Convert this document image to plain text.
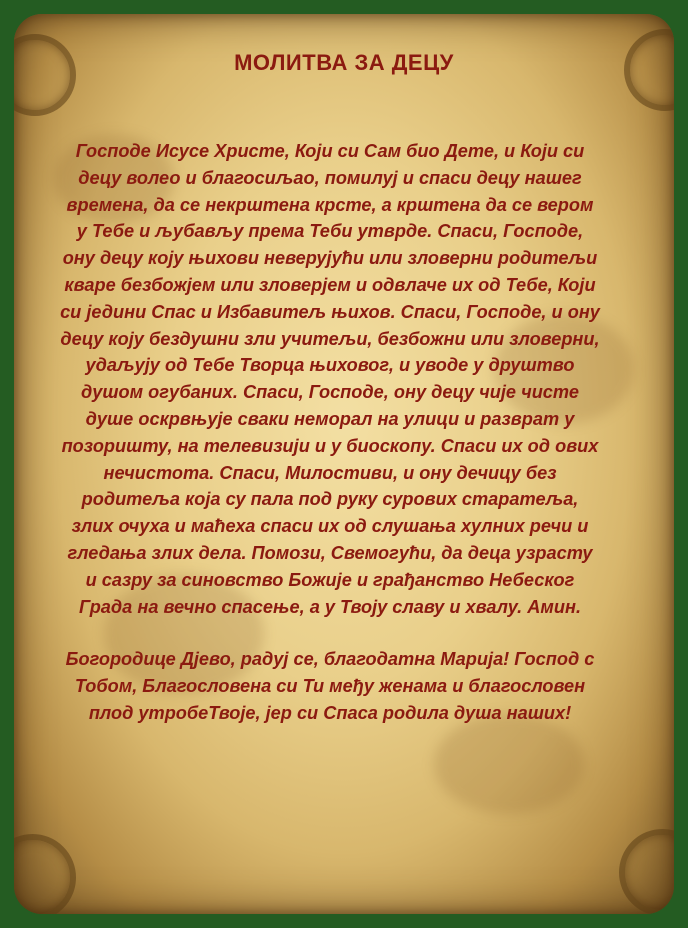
МОЛИТВА ЗА ДЕЦУ

Господе Исусе Христе, Који си Сам био Дете, и Који си децу волео и благосиљао, помилуј и спаси децу нашег времена, да се некрштена крсте, а крштена да се вером у Тебе и љубављу према Теби утврде. Спаси, Господе, ону децу коју њихови неверујући или зловерни родитељи кваре безбожјем или зловерјем и одвлаче их од Тебе, Који си једини Спас и Избавитељ њихов. Спаси, Господе, и ону децу коју бездушни зли учитељи, безбожни или зловерни, удаљују од Тебе Творца њиховог, и уводе у друштво душом огубаних. Спаси, Господе, ону децу чије чисте душе оскрвњује сваки неморал на улици и разврат у позоришту, на телевизији и у биоскопу. Спаси их од ових нечистота. Спаси, Милостиви, и ону дечицу без родитеља која су пала под руку сурових старатеља, злих очуха и маћеха спаси их од слушања хулних речи и гледања злих дела. Помози, Свемогући, да деца узрасту и сазру за синовство Божије и грађанство Небеског Града на вечно спасење, а у Твоју славу и хвалу. Амин.

Богородице Дјево, радуј се, благодатна Марија! Господ с Тобом, Благословена си Ти међу женама и благословен плод утробеТвоје, јер си Спаса родила душа наших!
